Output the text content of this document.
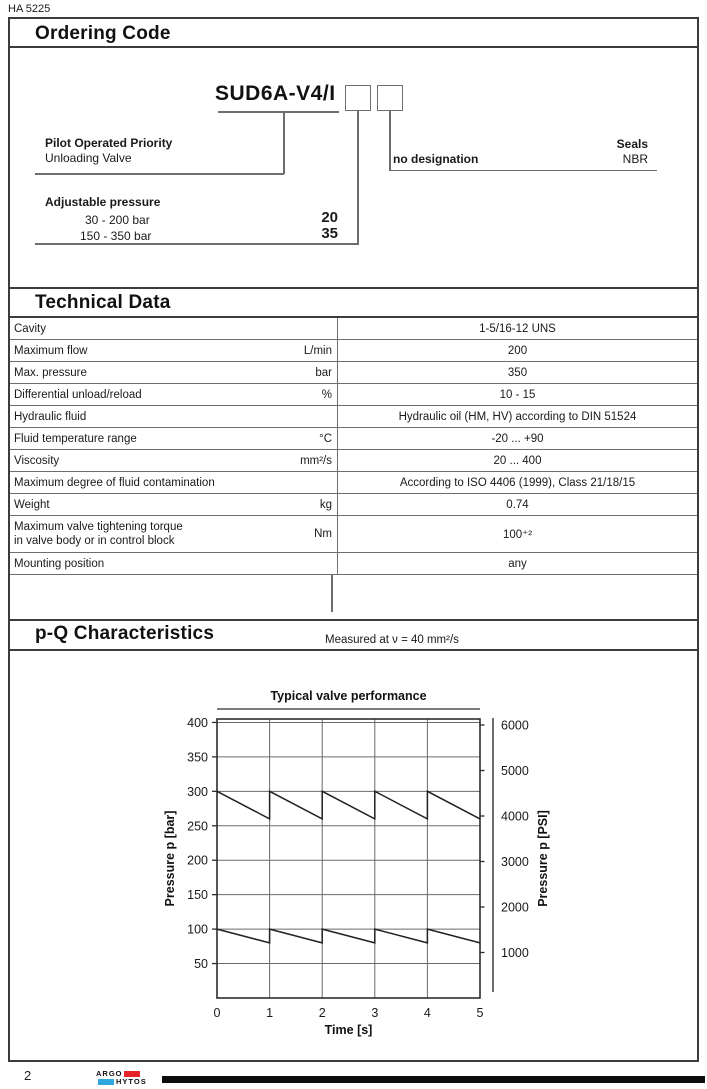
HA 5225
Ordering Code
SUD6A-V4/I
Pilot Operated Priority
Unloading Valve
Seals
no designation	NBR
Adjustable pressure
30 - 200 bar	20
150 - 350 bar	35
Technical Data
Cavity		1-5/16-12 UNS
Maximum flow	L/min	200
Max. pressure	bar	350
Differential unload/reload	%	10 - 15
Hydraulic fluid		Hydraulic oil (HM, HV) according to DIN 51524
Fluid temperature range	°C	-20 ... +90
Viscosity	mm²/s	20 ... 400
Maximum degree of fluid contamination		According to ISO 4406 (1999), Class 21/18/15
Weight	kg	0.74

Maximum valve tightening torque
in valve body or in control block	Nm	100⁺²
Mounting position		any
p-Q Characteristics	Measured at ν = 40 mm²/s
50
100
150
200
250
300
350
400
0	1	2	3	4	5
1000
2000
3000
4000
5000
6000
Typical valve performance
Time [s]
Pressure p [bar]	Pressure p [PSI]
2	ARGO
HYTOS
